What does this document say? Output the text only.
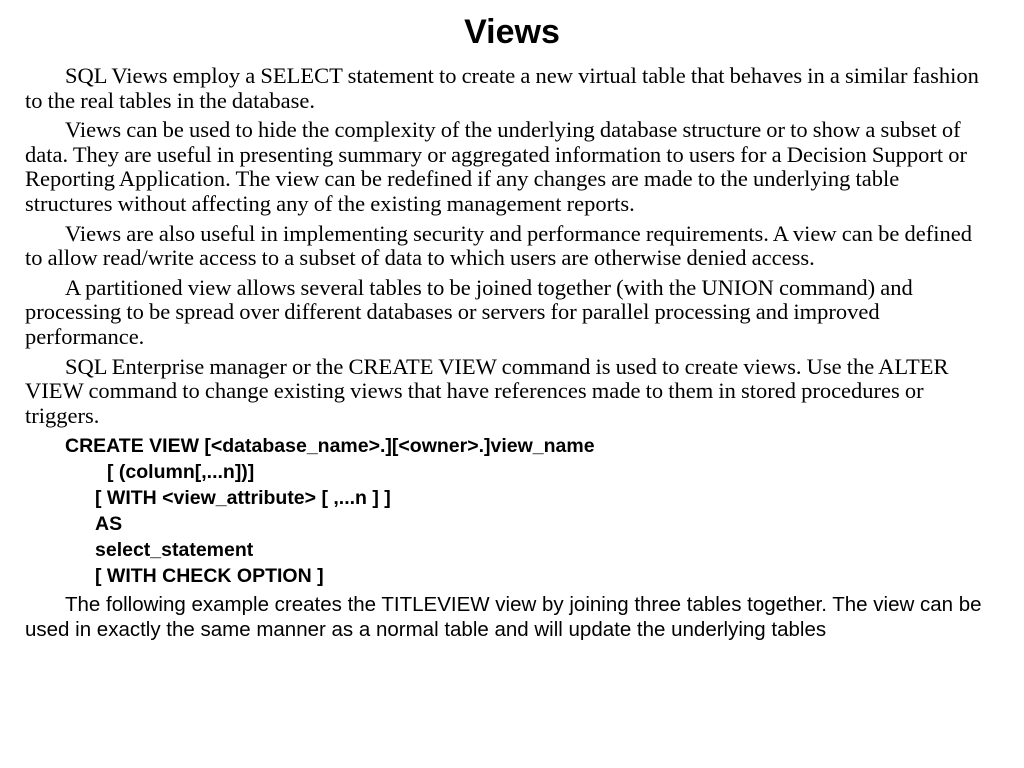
Views

SQL Views employ a SELECT statement to create a new virtual table that behaves in a similar fashion to the real tables in the database.

Views can be used to hide the complexity of the underlying database structure or to show a subset of data. They are useful in presenting summary or aggregated information to users for a Decision Support or Reporting Application. The view can be redefined if any changes are made to the underlying table structures without affecting any of the existing management reports.

Views are also useful in implementing security and performance requirements. A view can be defined to allow read/write access to a subset of data to which users are otherwise denied access.

A partitioned view allows several tables to be joined together (with the UNION command) and processing to be spread over different databases or servers for parallel processing and improved performance.

SQL Enterprise manager or the CREATE VIEW command is used to create views. Use the ALTER VIEW command to change existing views that have references made to them in stored procedures or triggers.

CREATE VIEW [<database_name>.][<owner>.]view_name
[ (column[,...n])]
[ WITH <view_attribute> [ ,...n ] ]
AS
select_statement
[ WITH CHECK OPTION ]

The following example creates the TITLEVIEW view by joining three tables together. The view can be used in exactly the same manner as a normal table and will update the underlying tables
